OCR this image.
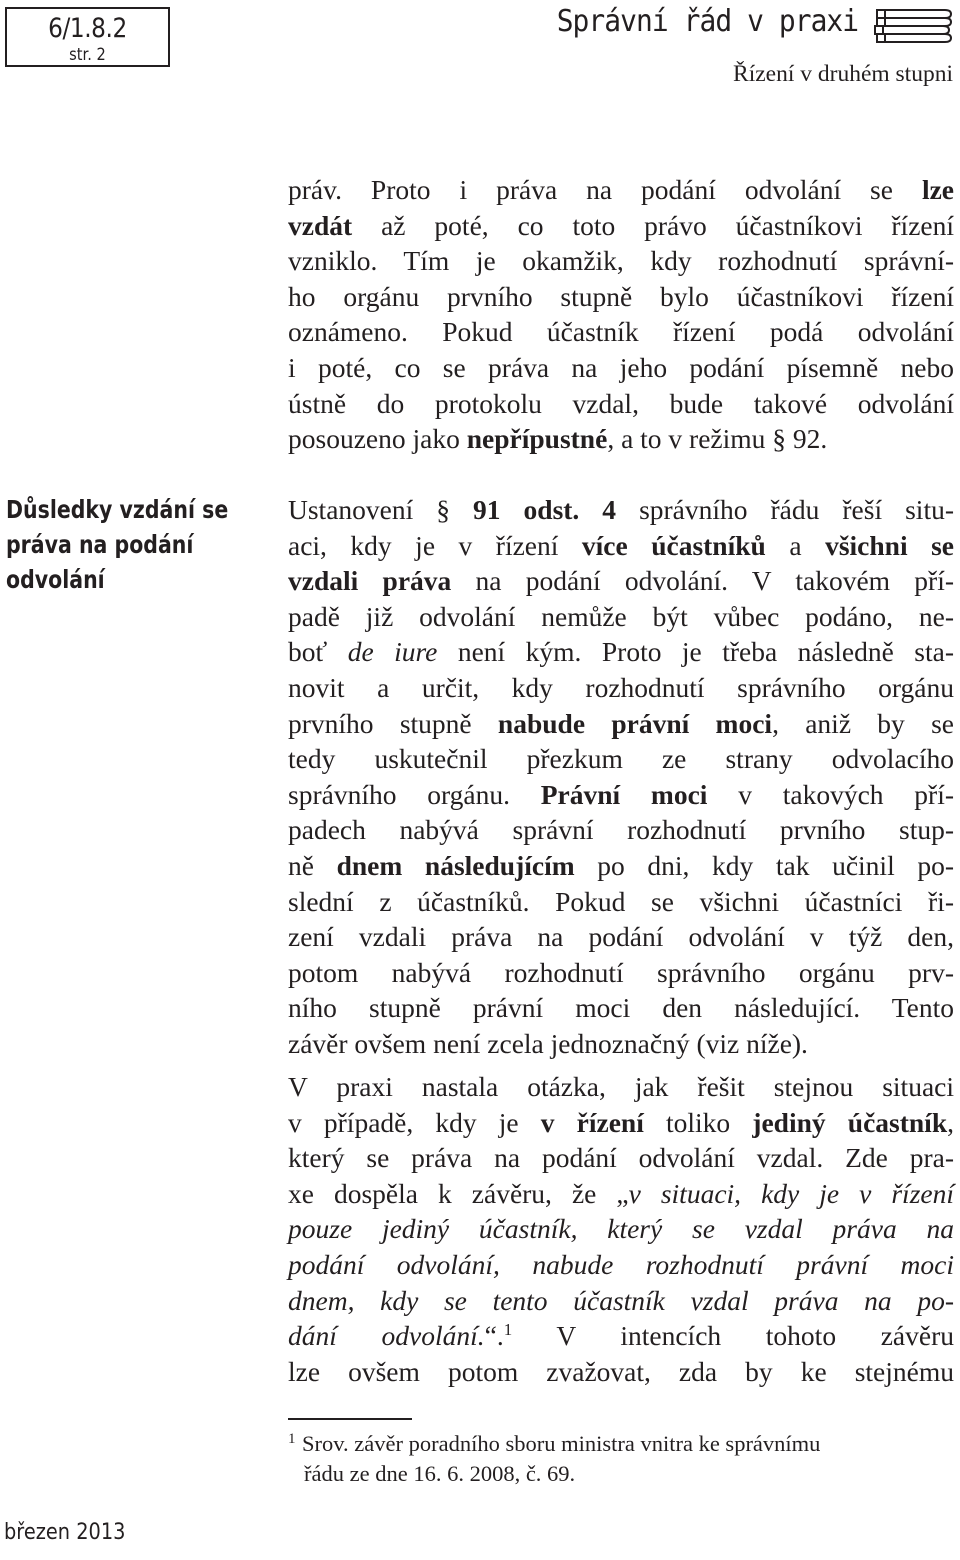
6/1.8.2
str. 2
Správní řád v praxi
Řízení v druhém stupni
práv. Proto i práva na podání odvolání se lze
vzdát až poté, co toto právo účastníkovi řízení
vzniklo. Tím je okamžik, kdy rozhodnutí správní-
ho orgánu prvního stupně bylo účastníkovi řízení
oznámeno. Pokud účastník řízení podá odvolání
i poté, co se práva na jeho podání písemně nebo
ústně do protokolu vzdal, bude takové odvolání
posouzeno jako nepřípustné, a to v režimu § 92.
Důsledky vzdání se
práva na podání
odvolání
Ustanovení § 91 odst. 4 správního řádu řeší situ-
aci, kdy je v řízení více účastníků a všichni se
vzdali práva na podání odvolání. V takovém pří-
padě již odvolání nemůže být vůbec podáno, ne-
boť de iure není kým. Proto je třeba následně sta-
novit a určit, kdy rozhodnutí správního orgánu
prvního stupně nabude právní moci, aniž by se
tedy uskutečnil přezkum ze strany odvolacího
správního orgánu. Právní moci v takových pří-
padech nabývá správní rozhodnutí prvního stup-
ně dnem následujícím po dni, kdy tak učinil po-
slední z účastníků. Pokud se všichni účastníci ři-
zení vzdali práva na podání odvolání v týž den,
potom nabývá rozhodnutí správního orgánu prv-
ního stupně právní moci den následující. Tento
závěr ovšem není zcela jednoznačný (viz níže).
V praxi nastala otázka, jak řešit stejnou situaci
v případě, kdy je v řízení toliko jediný účastník,
který se práva na podání odvolání vzdal. Zde pra-
xe dospěla k závěru, že „v situaci, kdy je v řízení
pouze jediný účastník, který se vzdal práva na
podání odvolání, nabude rozhodnutí právní moci
dnem, kdy se tento účastník vzdal práva na po-
dání odvolání.“.$^1$ V intencích tohoto závěru
lze ovšem potom zvažovat, zda by ke stejnému
1 Srov. závěr poradního sboru ministra vnitra ke správnímu
řádu ze dne 16. 6. 2008, č. 69.
březen 2013
